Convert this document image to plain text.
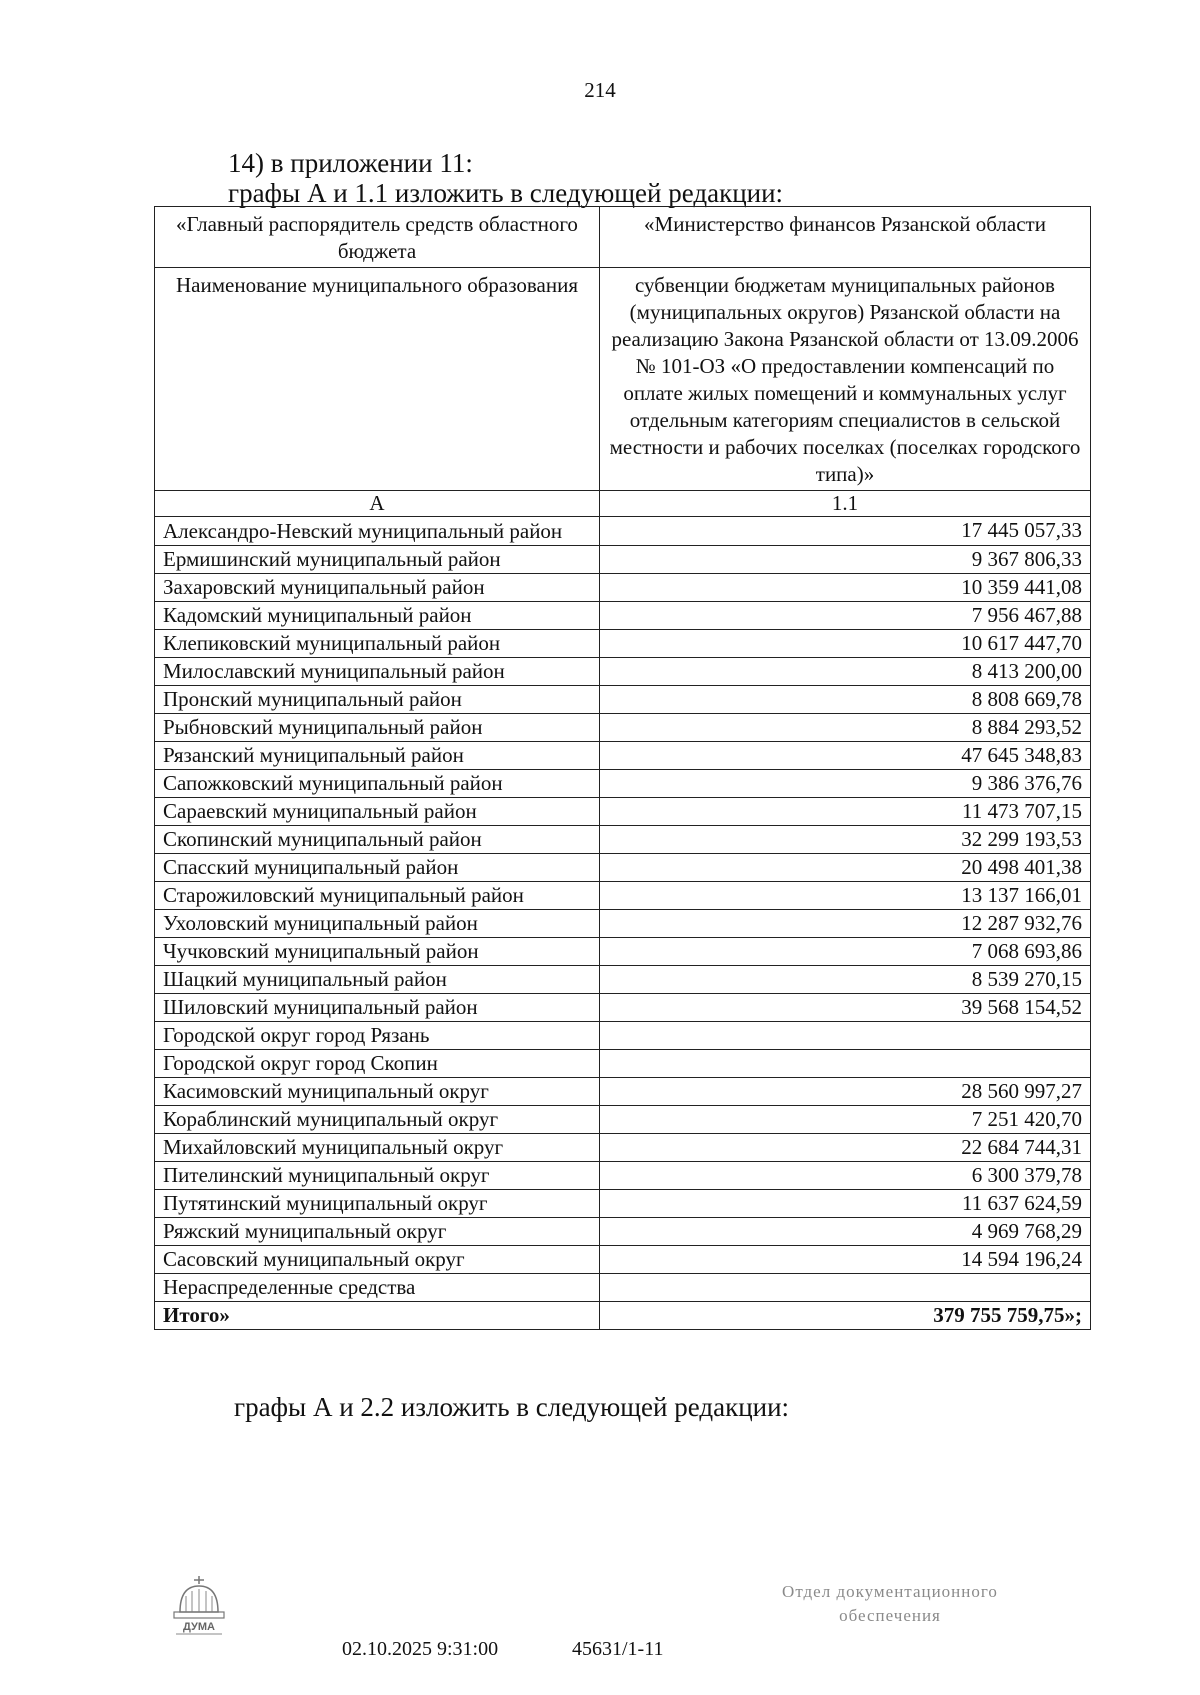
214
14) в приложении 11:
графы А и 1.1 изложить в следующей редакции:
«Главный распорядитель средств областного бюджета	«Министерство финансов Рязанской области
Наименование муниципального образования	субвенции бюджетам муниципальных районов (муниципальных округов) Рязанской области на реализацию Закона Рязанской области от 13.09.2006 № 101-ОЗ «О предоставлении компенсаций по оплате жилых помещений и коммунальных услуг отдельным категориям специалистов в сельской местности и рабочих поселках (поселках городского типа)»
А	1.1
Александро-Невский муниципальный район	17 445 057,33
Ермишинский муниципальный район	9 367 806,33
Захаровский муниципальный район	10 359 441,08
Кадомский муниципальный район	7 956 467,88
Клепиковский муниципальный район	10 617 447,70
Милославский муниципальный район	8 413 200,00
Пронский муниципальный район	8 808 669,78
Рыбновский муниципальный район	8 884 293,52
Рязанский муниципальный район	47 645 348,83
Сапожковский муниципальный район	9 386 376,76
Сараевский муниципальный район	11 473 707,15
Скопинский муниципальный район	32 299 193,53
Спасский муниципальный район	20 498 401,38
Старожиловский муниципальный район	13 137 166,01
Ухоловский муниципальный район	12 287 932,76
Чучковский муниципальный район	7 068 693,86
Шацкий муниципальный район	8 539 270,15
Шиловский муниципальный район	39 568 154,52
Городской округ город Рязань	
Городской округ город Скопин	
Касимовский муниципальный округ	28 560 997,27
Кораблинский муниципальный округ	7 251 420,70
Михайловский муниципальный округ	22 684 744,31
Пителинский муниципальный округ	6 300 379,78
Путятинский муниципальный округ	11 637 624,59
Ряжский муниципальный округ	4 969 768,29
Сасовский муниципальный округ	14 594 196,24
Нераспределенные средства	
Итого»	379 755 759,75»;
графы А и 2.2 изложить в следующей редакции:
ДУМА
02.10.2025 9:31:00	45631/1-11
Отдел документационного
обеспечения
